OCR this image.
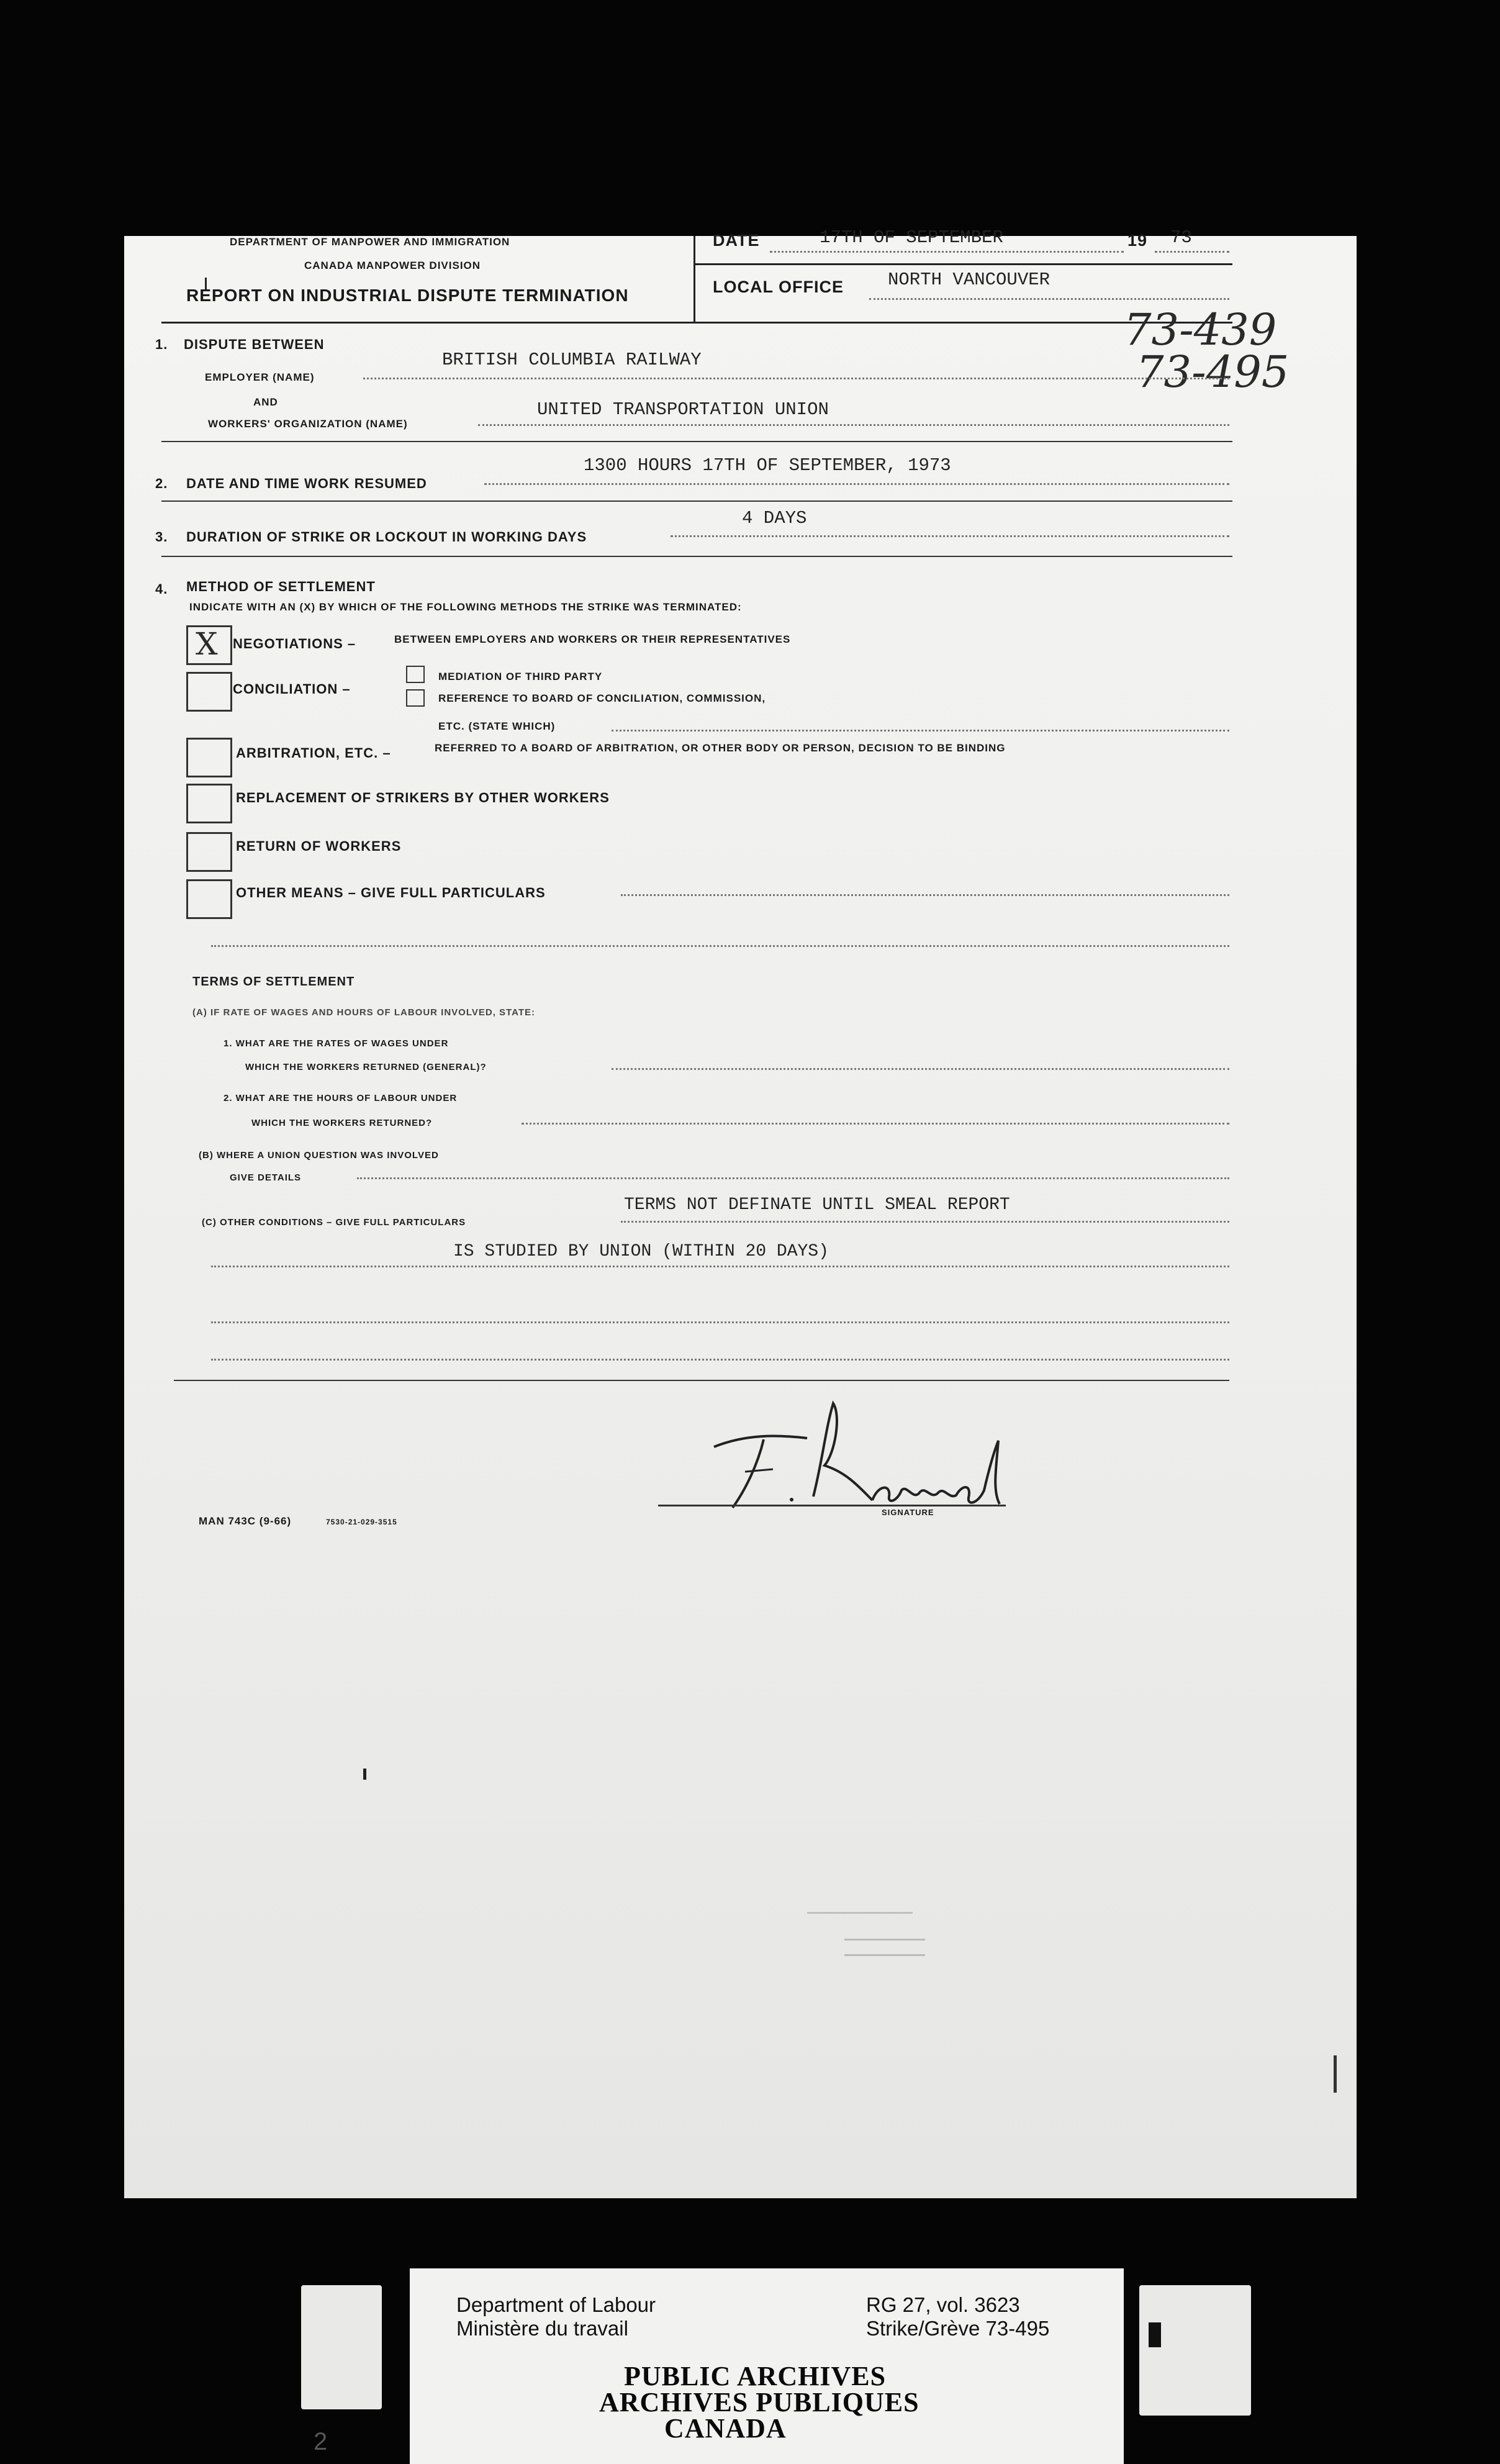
DEPARTMENT OF MANPOWER AND IMMIGRATION
CANADA MANPOWER DIVISION
REPORT ON INDUSTRIAL DISPUTE TERMINATION
DATE	17TH OF SEPTEMBER	19 73
LOCAL OFFICE NORTH VANCOUVER
73-439
73-495
1. DISPUTE BETWEEN
EMPLOYER (NAME)
BRITISH COLUMBIA RAILWAY
AND
WORKERS' ORGANIZATION (NAME)
UNITED TRANSPORTATION UNION
2. DATE AND TIME WORK RESUMED
1300 HOURS 17TH OF SEPTEMBER, 1973
3. DURATION OF STRIKE OR LOCKOUT IN WORKING DAYS
4 DAYS
4. METHOD OF SETTLEMENT
INDICATE WITH AN (X) BY WHICH OF THE FOLLOWING METHODS THE STRIKE WAS TERMINATED:
X NEGOTIATIONS –	BETWEEN EMPLOYERS AND WORKERS OR THEIR REPRESENTATIVES
CONCILIATION –
MEDIATION OF THIRD PARTY
REFERENCE TO BOARD OF CONCILIATION, COMMISSION,
ETC. (STATE WHICH)
ARBITRATION, ETC. –	REFERRED TO A BOARD OF ARBITRATION, OR OTHER BODY OR PERSON, DECISION TO BE BINDING
REPLACEMENT OF STRIKERS BY OTHER WORKERS
RETURN OF WORKERS
OTHER MEANS – GIVE FULL PARTICULARS
TERMS OF SETTLEMENT
(A) IF RATE OF WAGES AND HOURS OF LABOUR INVOLVED, STATE:
1. WHAT ARE THE RATES OF WAGES UNDER
WHICH THE WORKERS RETURNED (GENERAL)?
2. WHAT ARE THE HOURS OF LABOUR UNDER
WHICH THE WORKERS RETURNED?
(B) WHERE A UNION QUESTION WAS INVOLVED
GIVE DETAILS
(C) OTHER CONDITIONS – GIVE FULL PARTICULARS
TERMS NOT DEFINATE UNTIL SMEAL REPORT
IS STUDIED BY UNION (WITHIN 20 DAYS)
SIGNATURE
MAN 743C (9-66)	7530-21-029-3515
Department of Labour
Ministère du travail
RG 27, vol. 3623
Strike/Grève 73-495
PUBLIC ARCHIVES
ARCHIVES PUBLIQUES
CANADA
2
